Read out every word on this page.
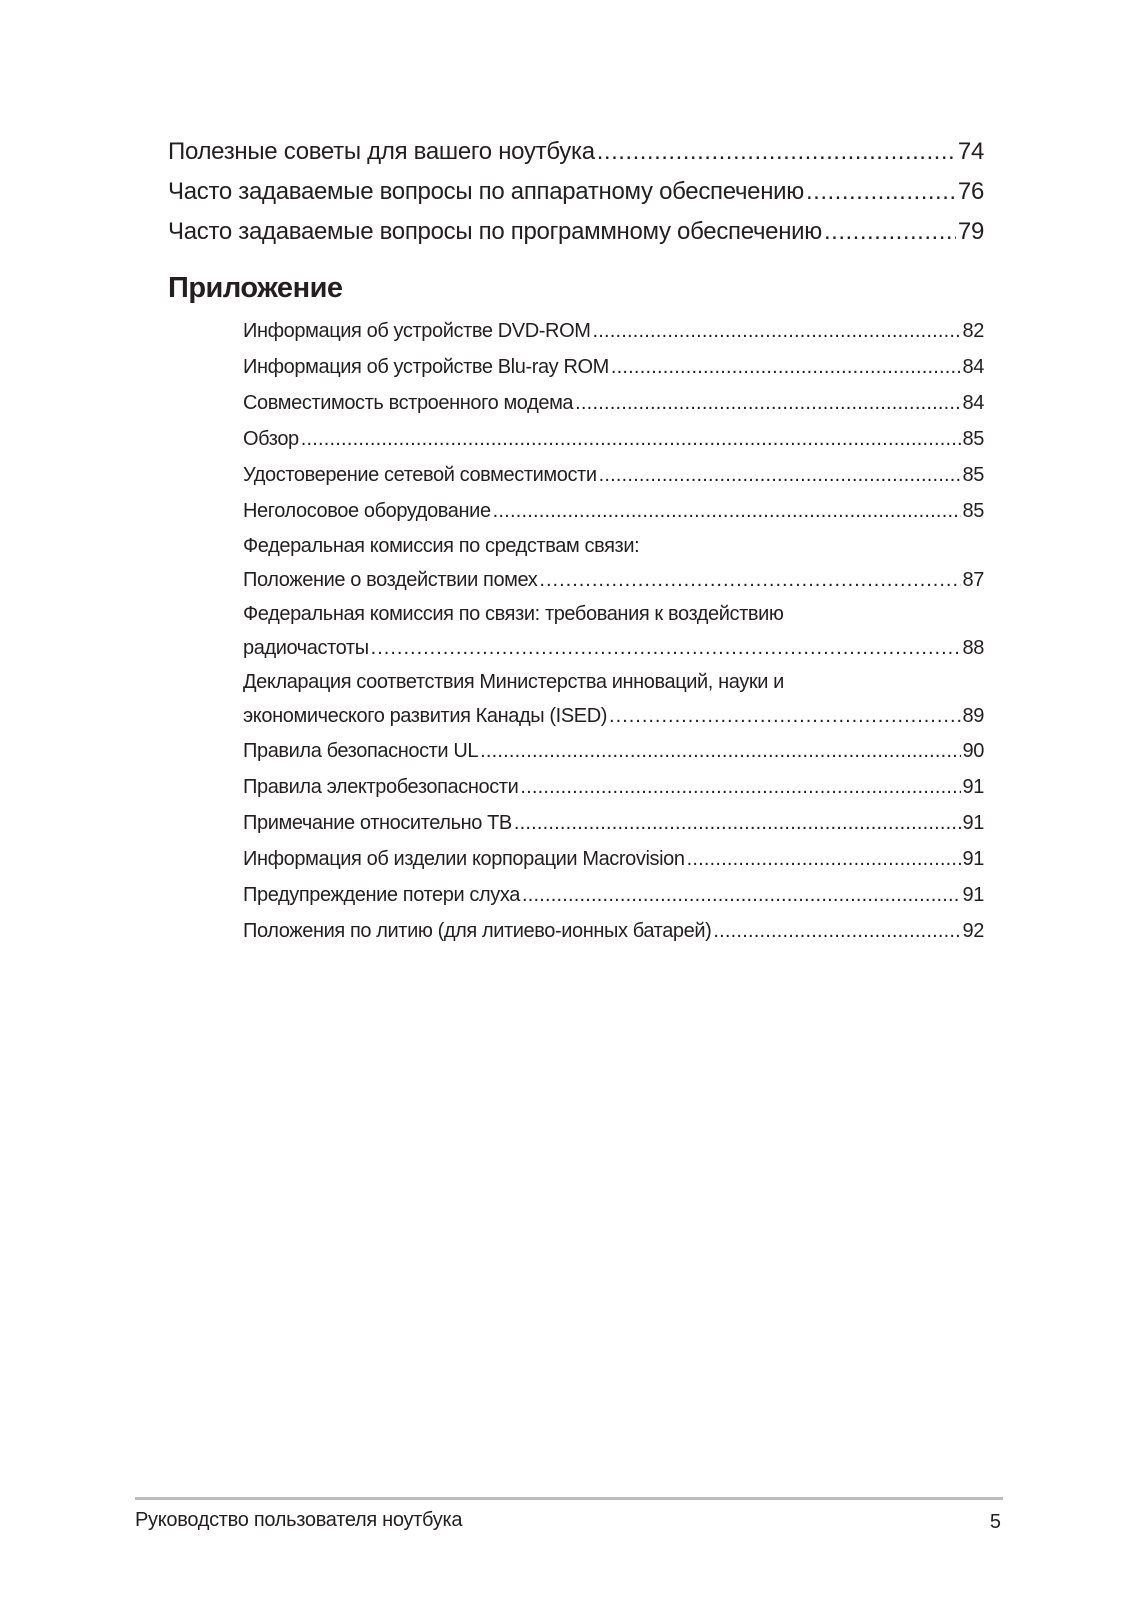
Полезные советы для вашего ноутбука .....	74
Часто задаваемые вопросы по аппаратному обеспечению .....	76
Часто задаваемые вопросы по программному обеспечению .....	79
Приложение
Информация об устройстве DVD-ROM .....	82
Информация об устройстве Blu-ray ROM .....	84
Совместимость встроенного модема .....	84
Обзор .....	85
Удостоверение сетевой совместимости .....	85
Неголосовое оборудование .....	85
Федеральная комиссия по средствам связи:
Положение о воздействии помех .....	87
Федеральная комиссия по связи: требования к воздействию
радиочастоты .....	88
Декларация соответствия Министерства инноваций, науки и
экономического развития Канады (ISED) .....	89
Правила безопасности UL .....	90
Правила электробезопасности .....	91
Примечание относительно ТВ .....	91
Информация об изделии корпорации Macrovision .....	91
Предупреждение потери слуха .....	91
Положения по литию (для литиево-ионных батарей) .....	92
Руководство пользователя ноутбука	5
